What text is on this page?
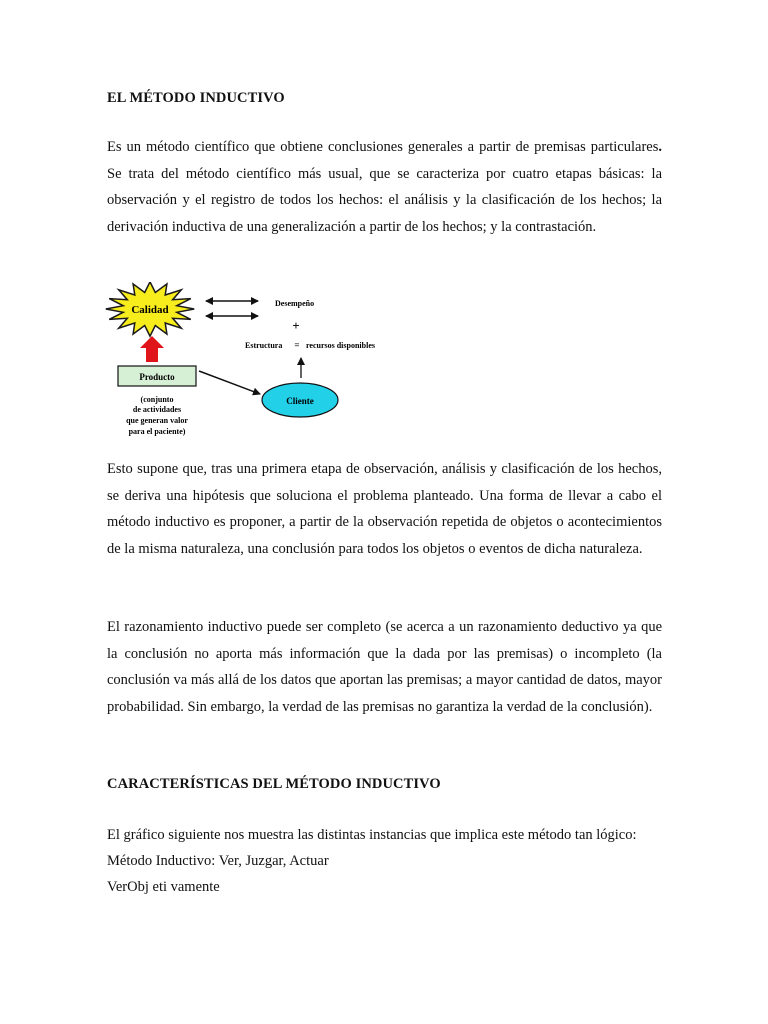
EL MÉTODO INDUCTIVO

Es un método científico que obtiene conclusiones generales a partir de premisas particulares. Se trata del método científico más usual, que se caracteriza por cuatro etapas básicas: la observación y el registro de todos los hechos: el análisis y la clasificación de los hechos; la derivación inductiva de una generalización a partir de los hechos; y la contrastación.

Calidad
Desempeño
+
Estructura = recursos disponibles
Producto
(conjunto
de actividades
que generan valor
para el paciente)
Cliente

Esto supone que, tras una primera etapa de observación, análisis y clasificación de los hechos, se deriva una hipótesis que soluciona el problema planteado. Una forma de llevar a cabo el método inductivo es proponer, a partir de la observación repetida de objetos o acontecimientos de la misma naturaleza, una conclusión para todos los objetos o eventos de dicha naturaleza.

El razonamiento inductivo puede ser completo (se acerca a un razonamiento deductivo ya que la conclusión no aporta más información que la dada por las premisas) o incompleto (la conclusión va más allá de los datos que aportan las premisas; a mayor cantidad de datos, mayor probabilidad. Sin embargo, la verdad de las premisas no garantiza la verdad de la conclusión).

CARACTERÍSTICAS DEL MÉTODO INDUCTIVO

El gráfico siguiente nos muestra las distintas instancias que implica este método tan lógico:

Método Inductivo: Ver, Juzgar, Actuar

VerObj eti vamente
